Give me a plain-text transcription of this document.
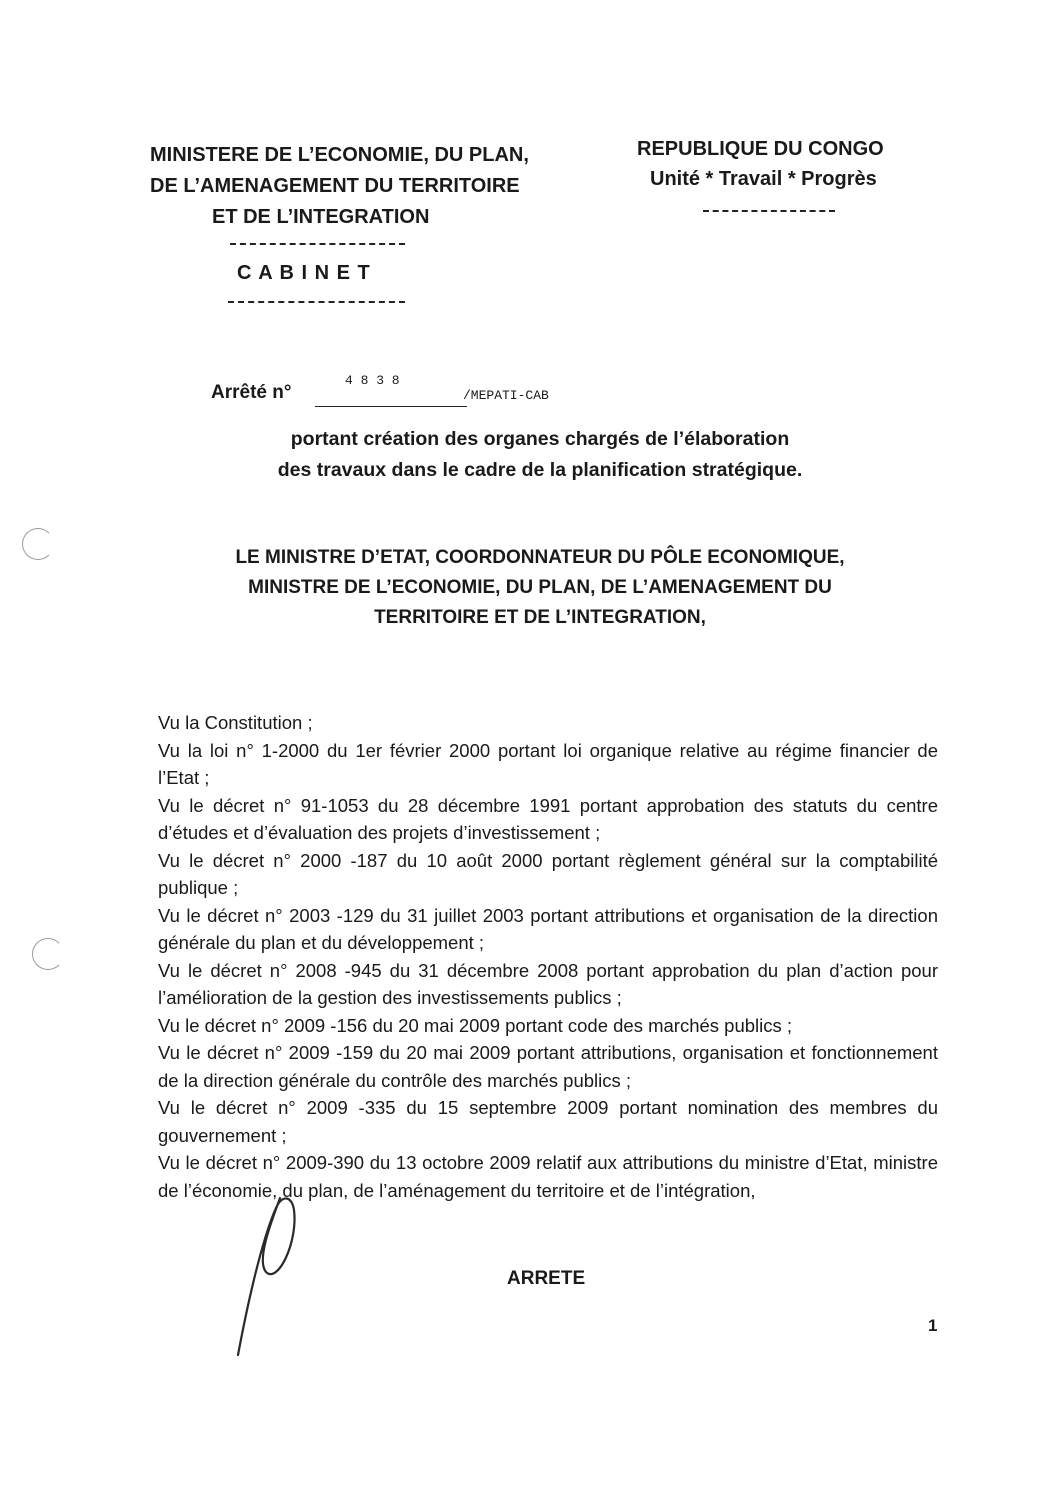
MINISTERE DE L’ECONOMIE, DU PLAN,
DE L’AMENAGEMENT DU TERRITOIRE
ET DE L’INTEGRATION
C A B I N E T
REPUBLIQUE DU CONGO
Unité * Travail * Progrès
Arrêté n°
4 8 3 8
/MEPATI-CAB
portant création des organes chargés de l’élaboration
des travaux dans le cadre de la planification stratégique.
LE MINISTRE D’ETAT, COORDONNATEUR DU PÔLE ECONOMIQUE,
MINISTRE DE L’ECONOMIE, DU PLAN, DE L’AMENAGEMENT DU
TERRITOIRE ET DE L’INTEGRATION,

Vu la Constitution ;

Vu la loi n° 1-2000 du 1er février 2000 portant loi organique relative au régime financier de l’Etat ;

Vu le décret n° 91-1053 du 28 décembre 1991 portant approbation des statuts du centre d’études et d’évaluation des projets d’investissement ;

Vu le décret n° 2000 -187 du 10 août 2000 portant règlement général sur la comptabilité publique ;

Vu le décret n° 2003 -129 du 31 juillet 2003 portant attributions et organisation de la direction générale du plan et du développement ;

Vu le décret n° 2008 -945 du 31 décembre 2008 portant approbation du plan d’action pour l’amélioration de la gestion des investissements publics ;

Vu le décret n° 2009 -156 du 20 mai 2009 portant code des marchés publics ;

Vu le décret n° 2009 -159 du 20 mai 2009 portant attributions, organisation et fonctionnement de la direction générale du contrôle des marchés publics ;

Vu le décret n° 2009 -335 du 15 septembre 2009 portant nomination des membres du gouvernement ;

Vu le décret n° 2009-390 du 13 octobre 2009 relatif aux attributions du ministre d’Etat, ministre de l’économie, du plan, de l’aménagement du territoire et de l’intégration,

ARRETE
1
